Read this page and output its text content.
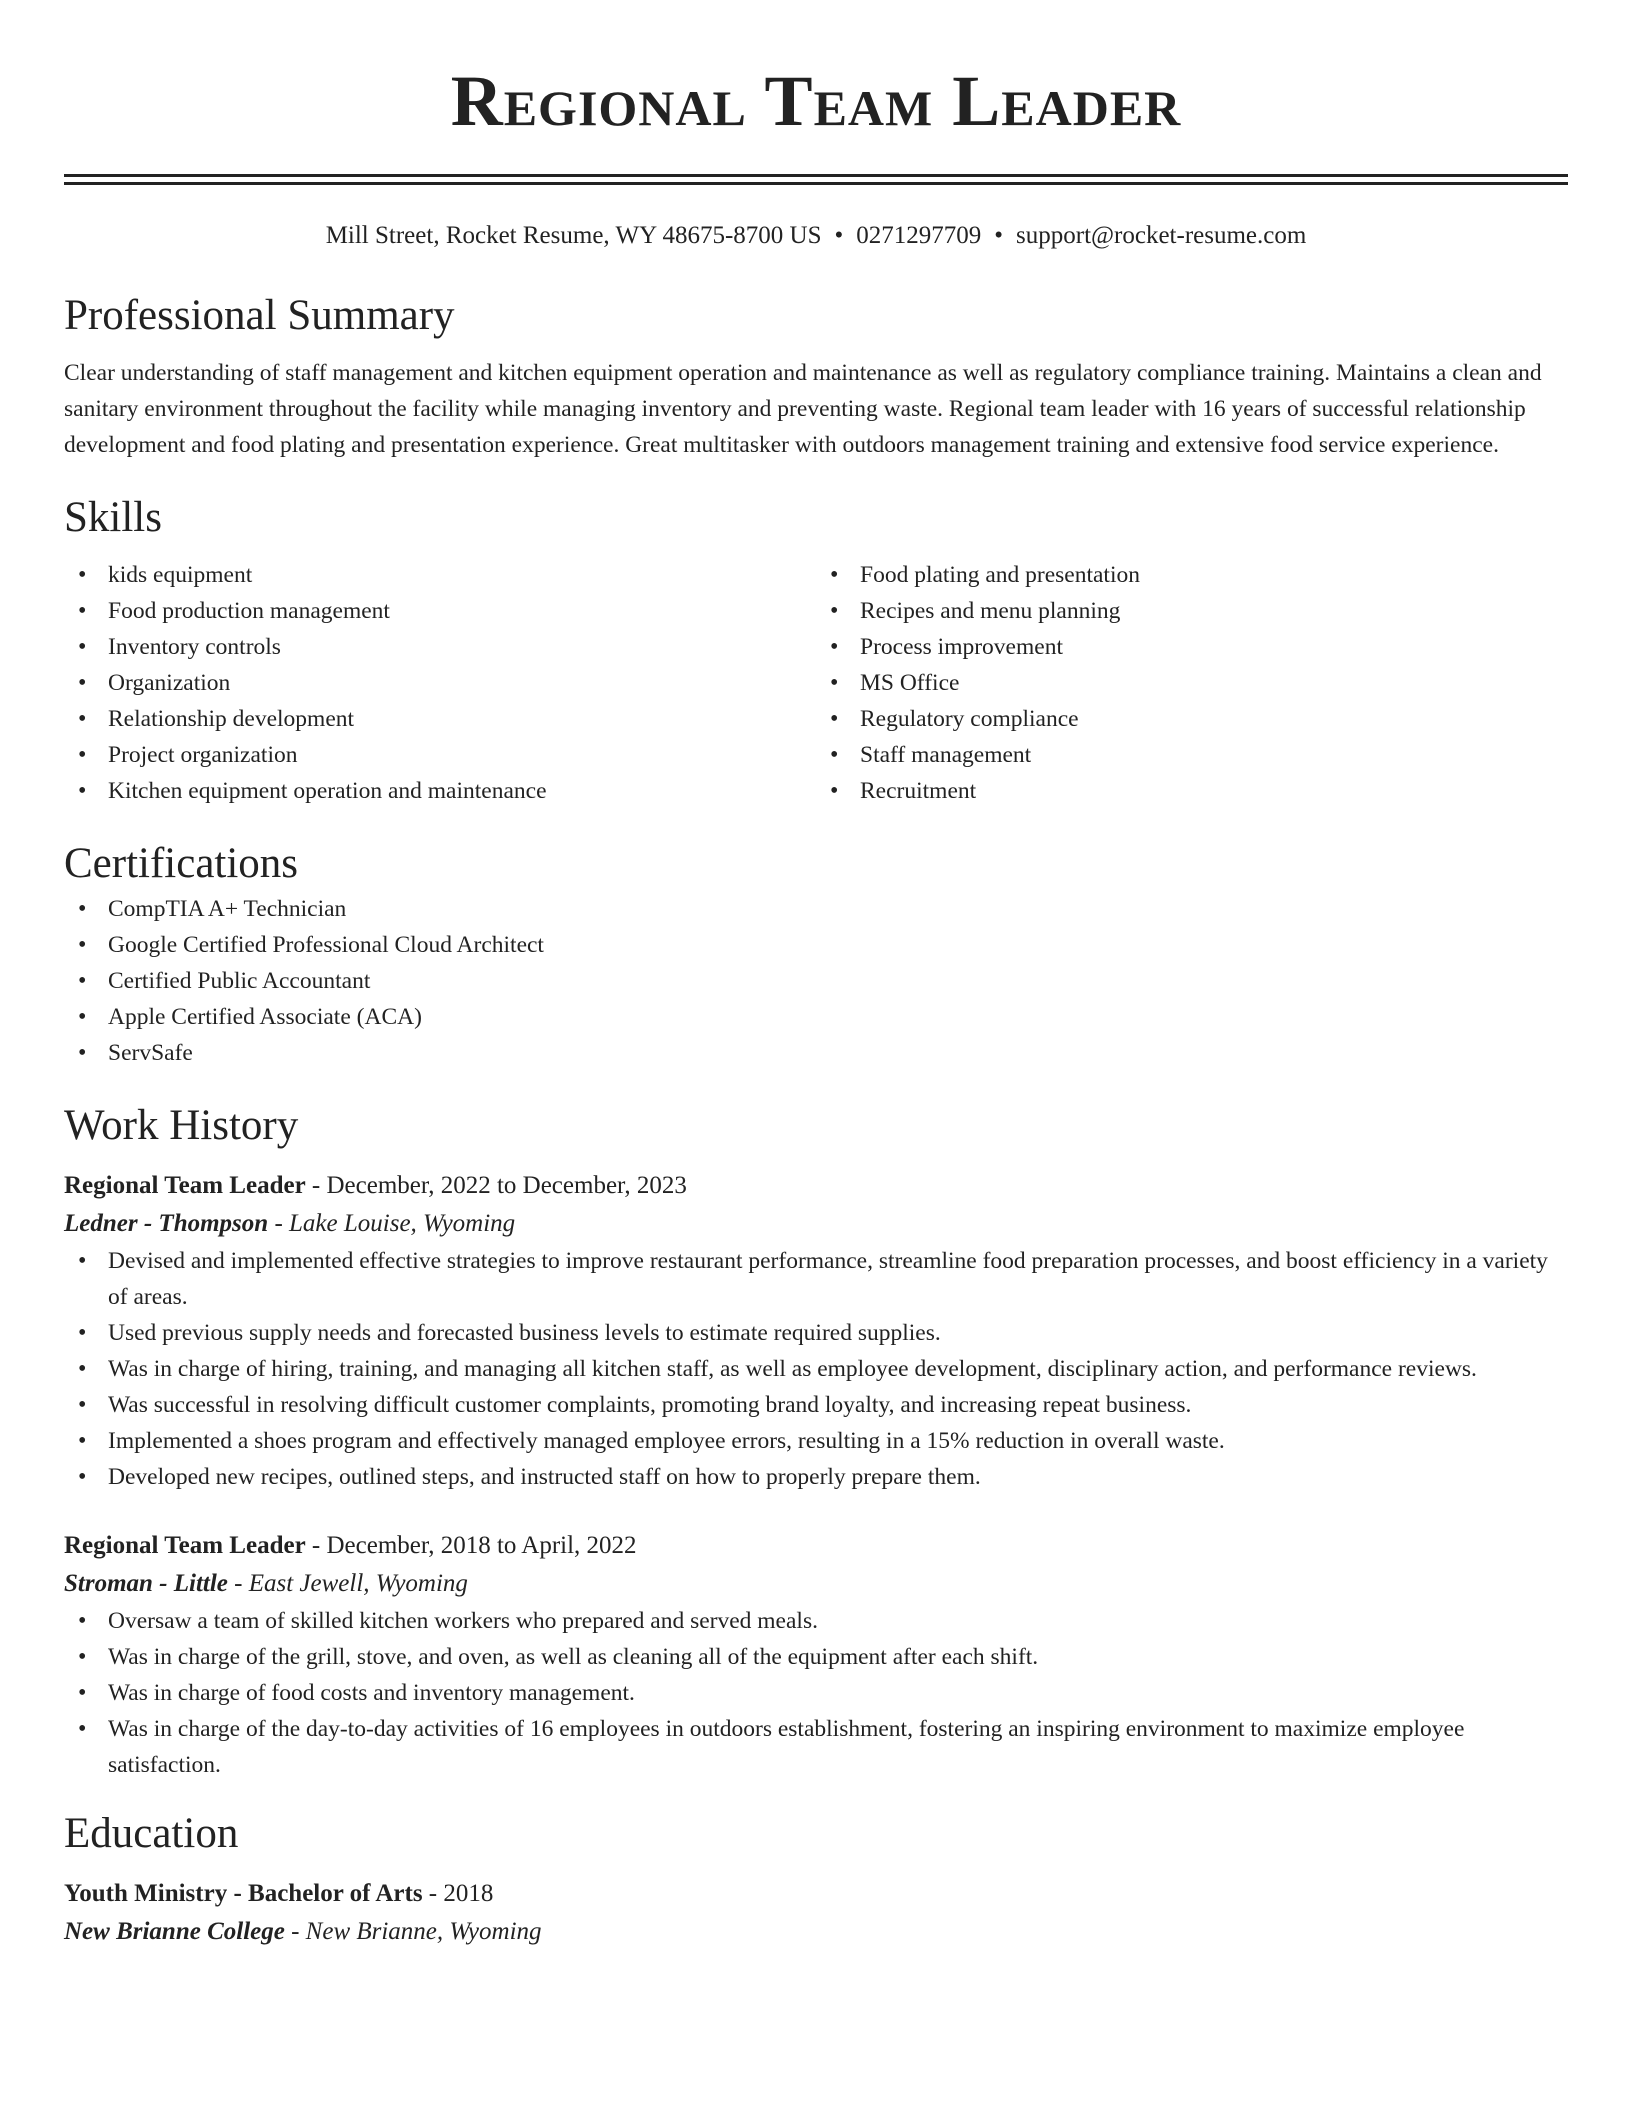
Regional Team Leader
Mill Street, Rocket Resume, WY 48675-8700 US • 0271297709 • support@rocket-resume.com
Professional Summary
Clear understanding of staff management and kitchen equipment operation and maintenance as well as regulatory compliance training. Maintains a clean and sanitary environment throughout the facility while managing inventory and preventing waste. Regional team leader with 16 years of successful relationship development and food plating and presentation experience. Great multitasker with outdoors management training and extensive food service experience.
Skills
• kids equipment
• Food production management
• Inventory controls
• Organization
• Relationship development
• Project organization
• Kitchen equipment operation and maintenance
• Food plating and presentation
• Recipes and menu planning
• Process improvement
• MS Office
• Regulatory compliance
• Staff management
• Recruitment
Certifications
• CompTIA A+ Technician
• Google Certified Professional Cloud Architect
• Certified Public Accountant
• Apple Certified Associate (ACA)
• ServSafe
Work History
Regional Team Leader - December, 2022 to December, 2023
Ledner - Thompson - Lake Louise, Wyoming
• Devised and implemented effective strategies to improve restaurant performance, streamline food preparation processes, and boost efficiency in a variety of areas.
• Used previous supply needs and forecasted business levels to estimate required supplies.
• Was in charge of hiring, training, and managing all kitchen staff, as well as employee development, disciplinary action, and performance reviews.
• Was successful in resolving difficult customer complaints, promoting brand loyalty, and increasing repeat business.
• Implemented a shoes program and effectively managed employee errors, resulting in a 15% reduction in overall waste.
• Developed new recipes, outlined steps, and instructed staff on how to properly prepare them.
Regional Team Leader - December, 2018 to April, 2022
Stroman - Little - East Jewell, Wyoming
• Oversaw a team of skilled kitchen workers who prepared and served meals.
• Was in charge of the grill, stove, and oven, as well as cleaning all of the equipment after each shift.
• Was in charge of food costs and inventory management.
• Was in charge of the day-to-day activities of 16 employees in outdoors establishment, fostering an inspiring environment to maximize employee satisfaction.
Education
Youth Ministry - Bachelor of Arts - 2018
New Brianne College - New Brianne, Wyoming
